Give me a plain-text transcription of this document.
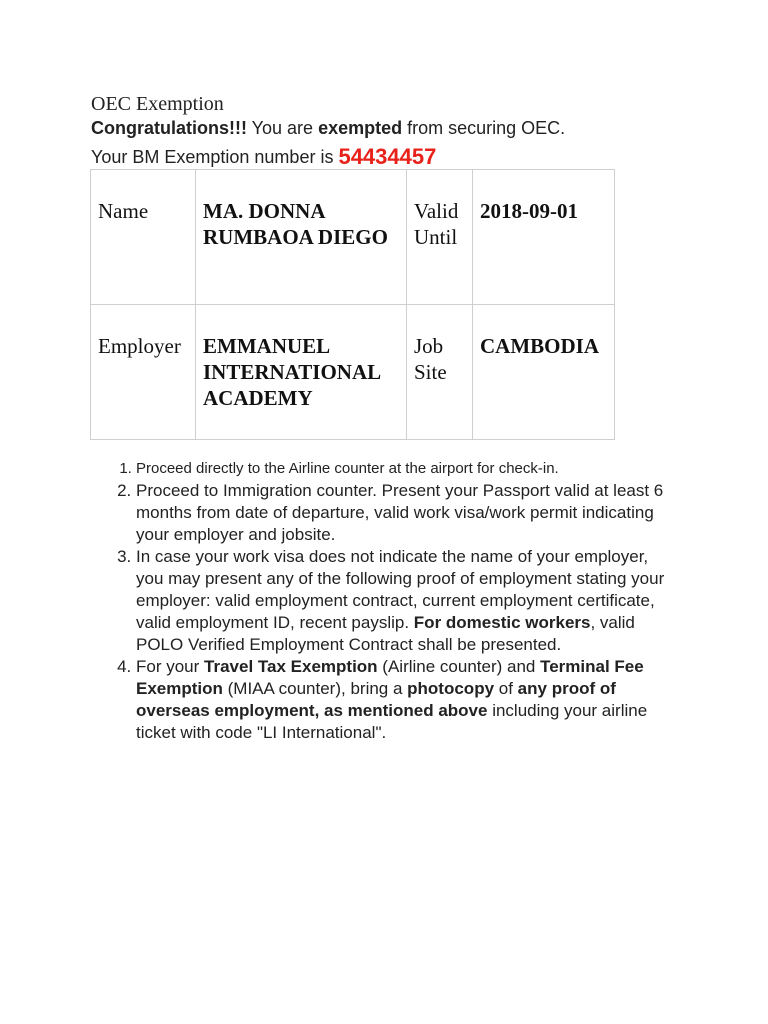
OEC Exemption
Congratulations!!! You are exempted from securing OEC.
Your BM Exemption number is 54434457
Name	MA. DONNA RUMBAOA DIEGO	Valid Until	2018-09-01

Employer	EMMANUEL INTERNATIONAL ACADEMY	Job Site	CAMBODIA
1. Proceed directly to the Airline counter at the airport for check-in.
2. Proceed to Immigration counter. Present your Passport valid at least 6 months from date of departure, valid work visa/work permit indicating your employer and jobsite.
3. In case your work visa does not indicate the name of your employer, you may present any of the following proof of employment stating your employer: valid employment contract, current employment certificate, valid employment ID, recent payslip. For domestic workers, valid POLO Verified Employment Contract shall be presented.
4. For your Travel Tax Exemption (Airline counter) and Terminal Fee Exemption (MIAA counter), bring a photocopy of any proof of overseas employment, as mentioned above including your airline ticket with code "LI International".
